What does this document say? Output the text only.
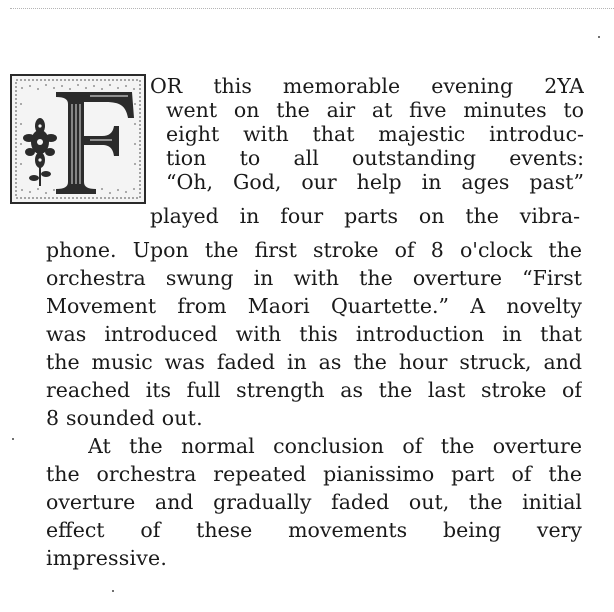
OR this memorable evening 2YA
went on the air at five minutes to
eight with that majestic introduc-
tion to all outstanding events:
“Oh, God, our help in ages past”
played in four parts on the vibra-
phone. Upon the first stroke of 8 o'clock the
orchestra swung in with the overture “First
Movement from Maori Quartette.” A novelty
was introduced with this introduction in that
the music was faded in as the hour struck, and
reached its full strength as the last stroke of
8 sounded out.
At the normal conclusion of the overture
the orchestra repeated pianissimo part of the
overture and gradually faded out, the initial
effect of these movements being very
impressive.
